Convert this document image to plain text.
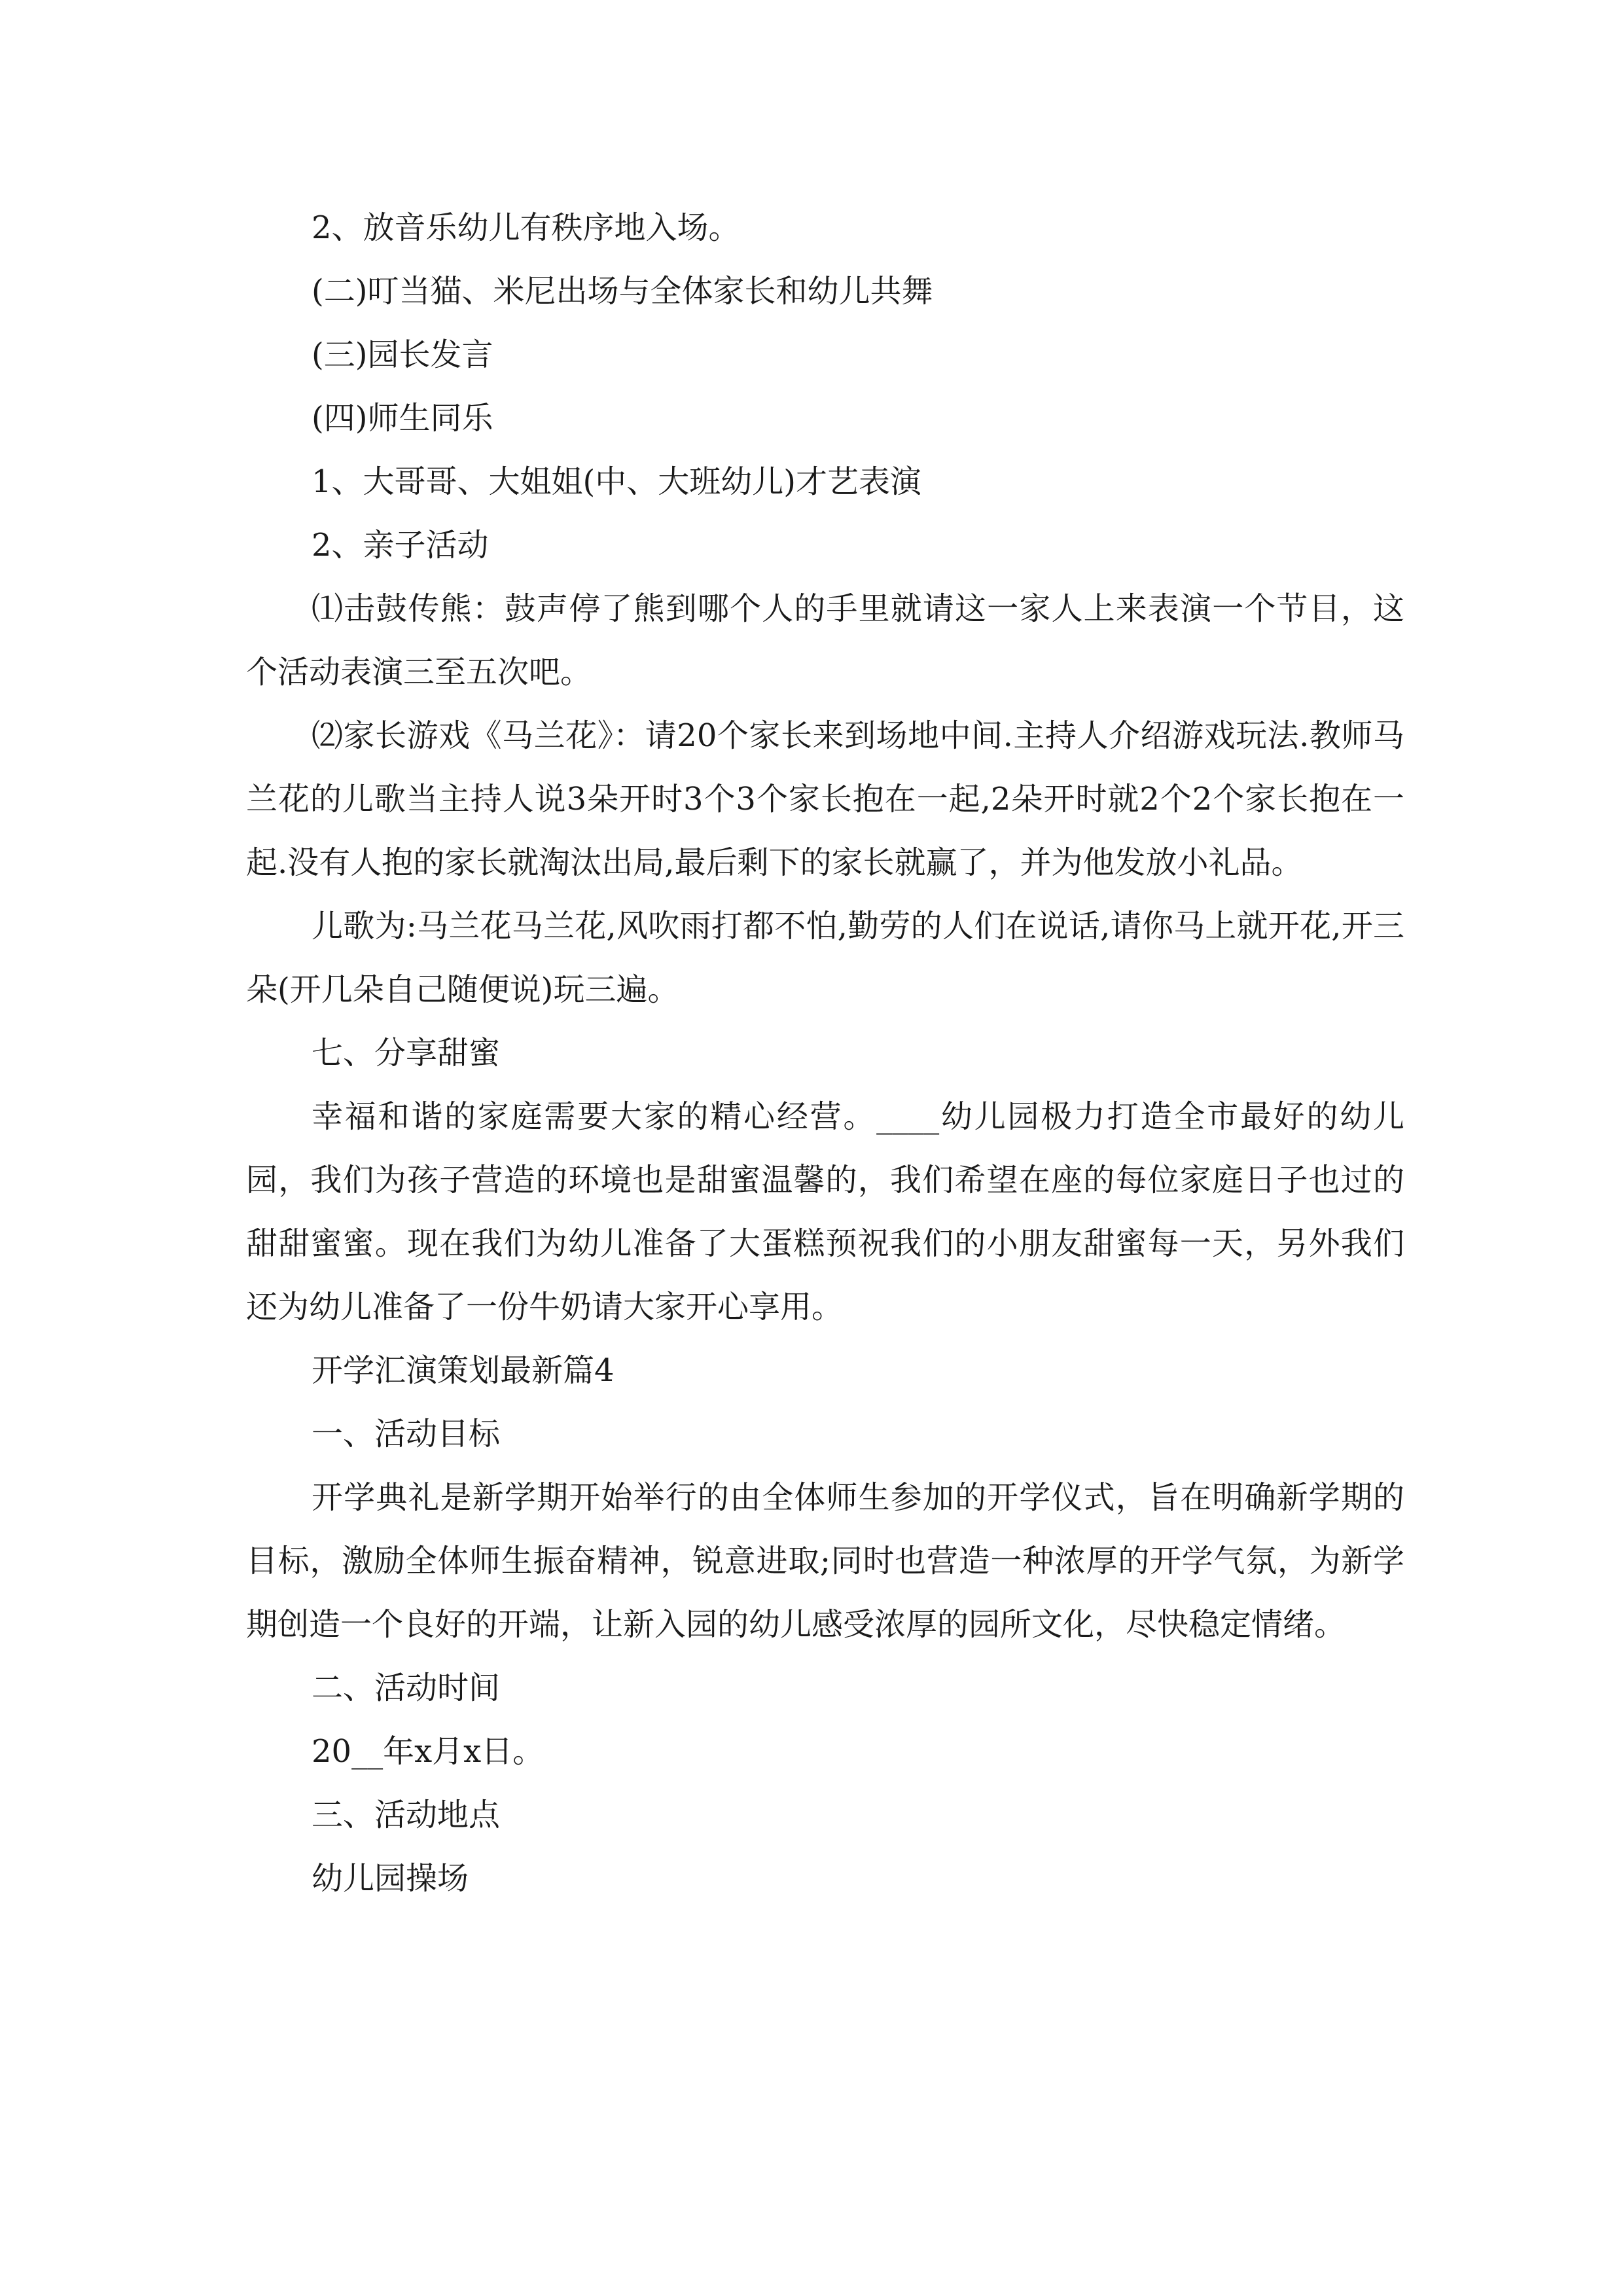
2、放音乐幼儿有秩序地入场。

(二)叮当猫、米尼出场与全体家长和幼儿共舞

(三)园长发言

(四)师生同乐

1、大哥哥、大姐姐(中、大班幼儿)才艺表演

2、亲子活动

⑴击鼓传熊：鼓声停了熊到哪个人的手里就请这一家人上来表演一个节目，这个活动表演三至五次吧。

⑵家长游戏《马兰花》：请20个家长来到场地中间.主持人介绍游戏玩法.教师马兰花的儿歌当主持人说3朵开时3个3个家长抱在一起,2朵开时就2个2个家长抱在一起.没有人抱的家长就淘汰出局,最后剩下的家长就赢了，并为他发放小礼品。

儿歌为:马兰花马兰花,风吹雨打都不怕,勤劳的人们在说话,请你马上就开花,开三朵(开几朵自己随便说)玩三遍。

七、分享甜蜜

幸福和谐的家庭需要大家的精心经营。____幼儿园极力打造全市最好的幼儿园，我们为孩子营造的环境也是甜蜜温馨的，我们希望在座的每位家庭日子也过的甜甜蜜蜜。现在我们为幼儿准备了大蛋糕预祝我们的小朋友甜蜜每一天，另外我们还为幼儿准备了一份牛奶请大家开心享用。

开学汇演策划最新篇4

一、活动目标

开学典礼是新学期开始举行的由全体师生参加的开学仪式，旨在明确新学期的目标，激励全体师生振奋精神，锐意进取;同时也营造一种浓厚的开学气氛，为新学期创造一个良好的开端，让新入园的幼儿感受浓厚的园所文化，尽快稳定情绪。

二、活动时间

20__年x月x日。

三、活动地点

幼儿园操场
